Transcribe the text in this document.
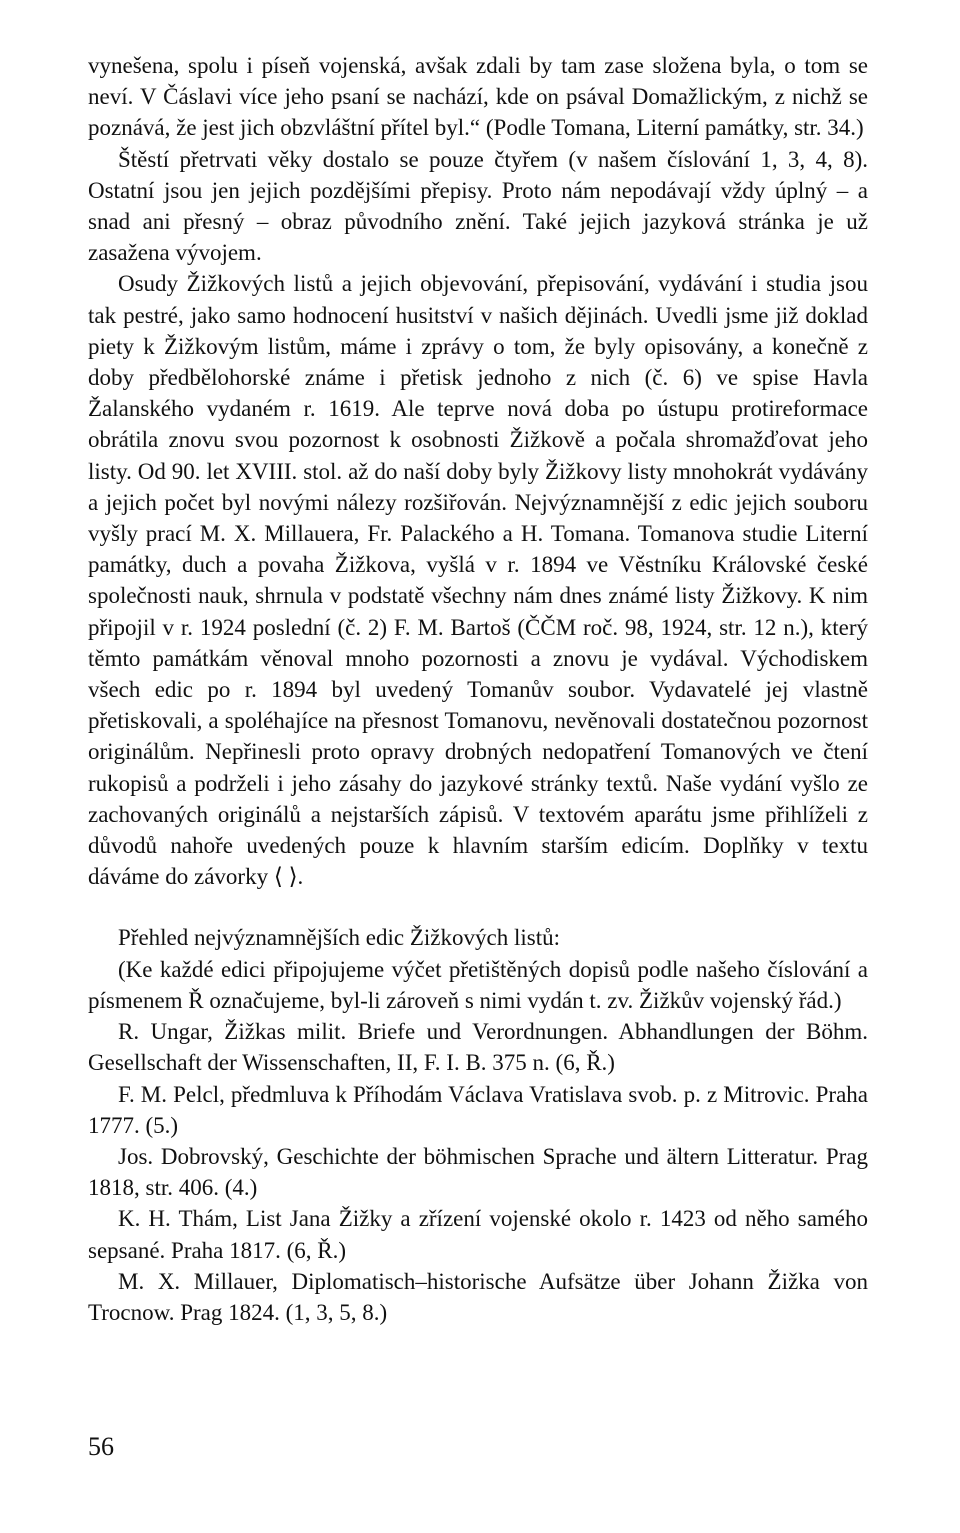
vynešena, spolu i píseň vojenská, avšak zdali by tam zase složena byla, o tom se neví. V Čáslavi více jeho psaní se nachází, kde on psával Domažlickým, z nichž se poznává, že jest jich obzvláštní přítel byl.“ (Podle Tomana, Literní památky, str. 34.)

Štěstí přetrvati věky dostalo se pouze čtyřem (v našem číslování 1, 3, 4, 8). Ostatní jsou jen jejich pozdějšími přepisy. Proto nám nepodávají vždy úplný – a snad ani přesný – obraz původního znění. Také jejich jazyková stránka je už zasažena vývojem.

Osudy Žižkových listů a jejich objevování, přepisování, vydávání i studia jsou tak pestré, jako samo hodnocení husitství v našich dějinách. Uvedli jsme již doklad piety k Žižkovým listům, máme i zprávy o tom, že byly opisovány, a konečně z doby předbělohorské známe i přetisk jednoho z nich (č. 6) ve spise Havla Žalanského vydaném r. 1619. Ale teprve nová doba po ústupu protireformace obrátila znovu svou pozornost k osobnosti Žižkově a počala shromažďovat jeho listy. Od 90. let XVIII. stol. až do naší doby byly Žižkovy listy mnohokrát vydávány a jejich počet byl novými nálezy rozšiřován. Nejvýznamnější z edic jejich souboru vyšly prací M. X. Millauera, Fr. Palackého a H. Tomana. Tomanova studie Literní památky, duch a povaha Žižkova, vyšlá v r. 1894 ve Věstníku Královské české společnosti nauk, shrnula v podstatě všechny nám dnes známé listy Žižkovy. K nim připojil v r. 1924 poslední (č. 2) F. M. Bartoš (ČČM roč. 98, 1924, str. 12 n.), který těmto památkám věnoval mnoho pozornosti a znovu je vydával. Východiskem všech edic po r. 1894 byl uvedený Tomanův soubor. Vydavatelé jej vlastně přetiskovali, a spoléhajíce na přesnost Tomanovu, nevěnovali dostatečnou pozornost originálům. Nepřinesli proto opravy drobných nedopatření Tomanových ve čtení rukopisů a podrželi i jeho zásahy do jazykové stránky textů. Naše vydání vyšlo ze zachovaných originálů a nejstarších zápisů. V textovém aparátu jsme přihlíželi z důvodů nahoře uvedených pouze k hlavním starším edicím. Doplňky v textu dáváme do závorky ⟨ ⟩.

Přehled nejvýznamnějších edic Žižkových listů:

(Ke každé edici připojujeme výčet přetištěných dopisů podle našeho číslování a písmenem Ř označujeme, byl-li zároveň s nimi vydán t. zv. Žižkův vojenský řád.)

R. Ungar, Žižkas milit. Briefe und Verordnungen. Abhandlungen der Böhm. Gesellschaft der Wissenschaften, II, F. I. B. 375 n. (6, Ř.)

F. M. Pelcl, předmluva k Příhodám Václava Vratislava svob. p. z Mitrovic. Praha 1777. (5.)

Jos. Dobrovský, Geschichte der böhmischen Sprache und ältern Litteratur. Prag 1818, str. 406. (4.)

K. H. Thám, List Jana Žižky a zřízení vojenské okolo r. 1423 od něho samého sepsané. Praha 1817. (6, Ř.)

M. X. Millauer, Diplomatisch–historische Aufsätze über Johann Žižka von Trocnow. Prag 1824. (1, 3, 5, 8.)

56
